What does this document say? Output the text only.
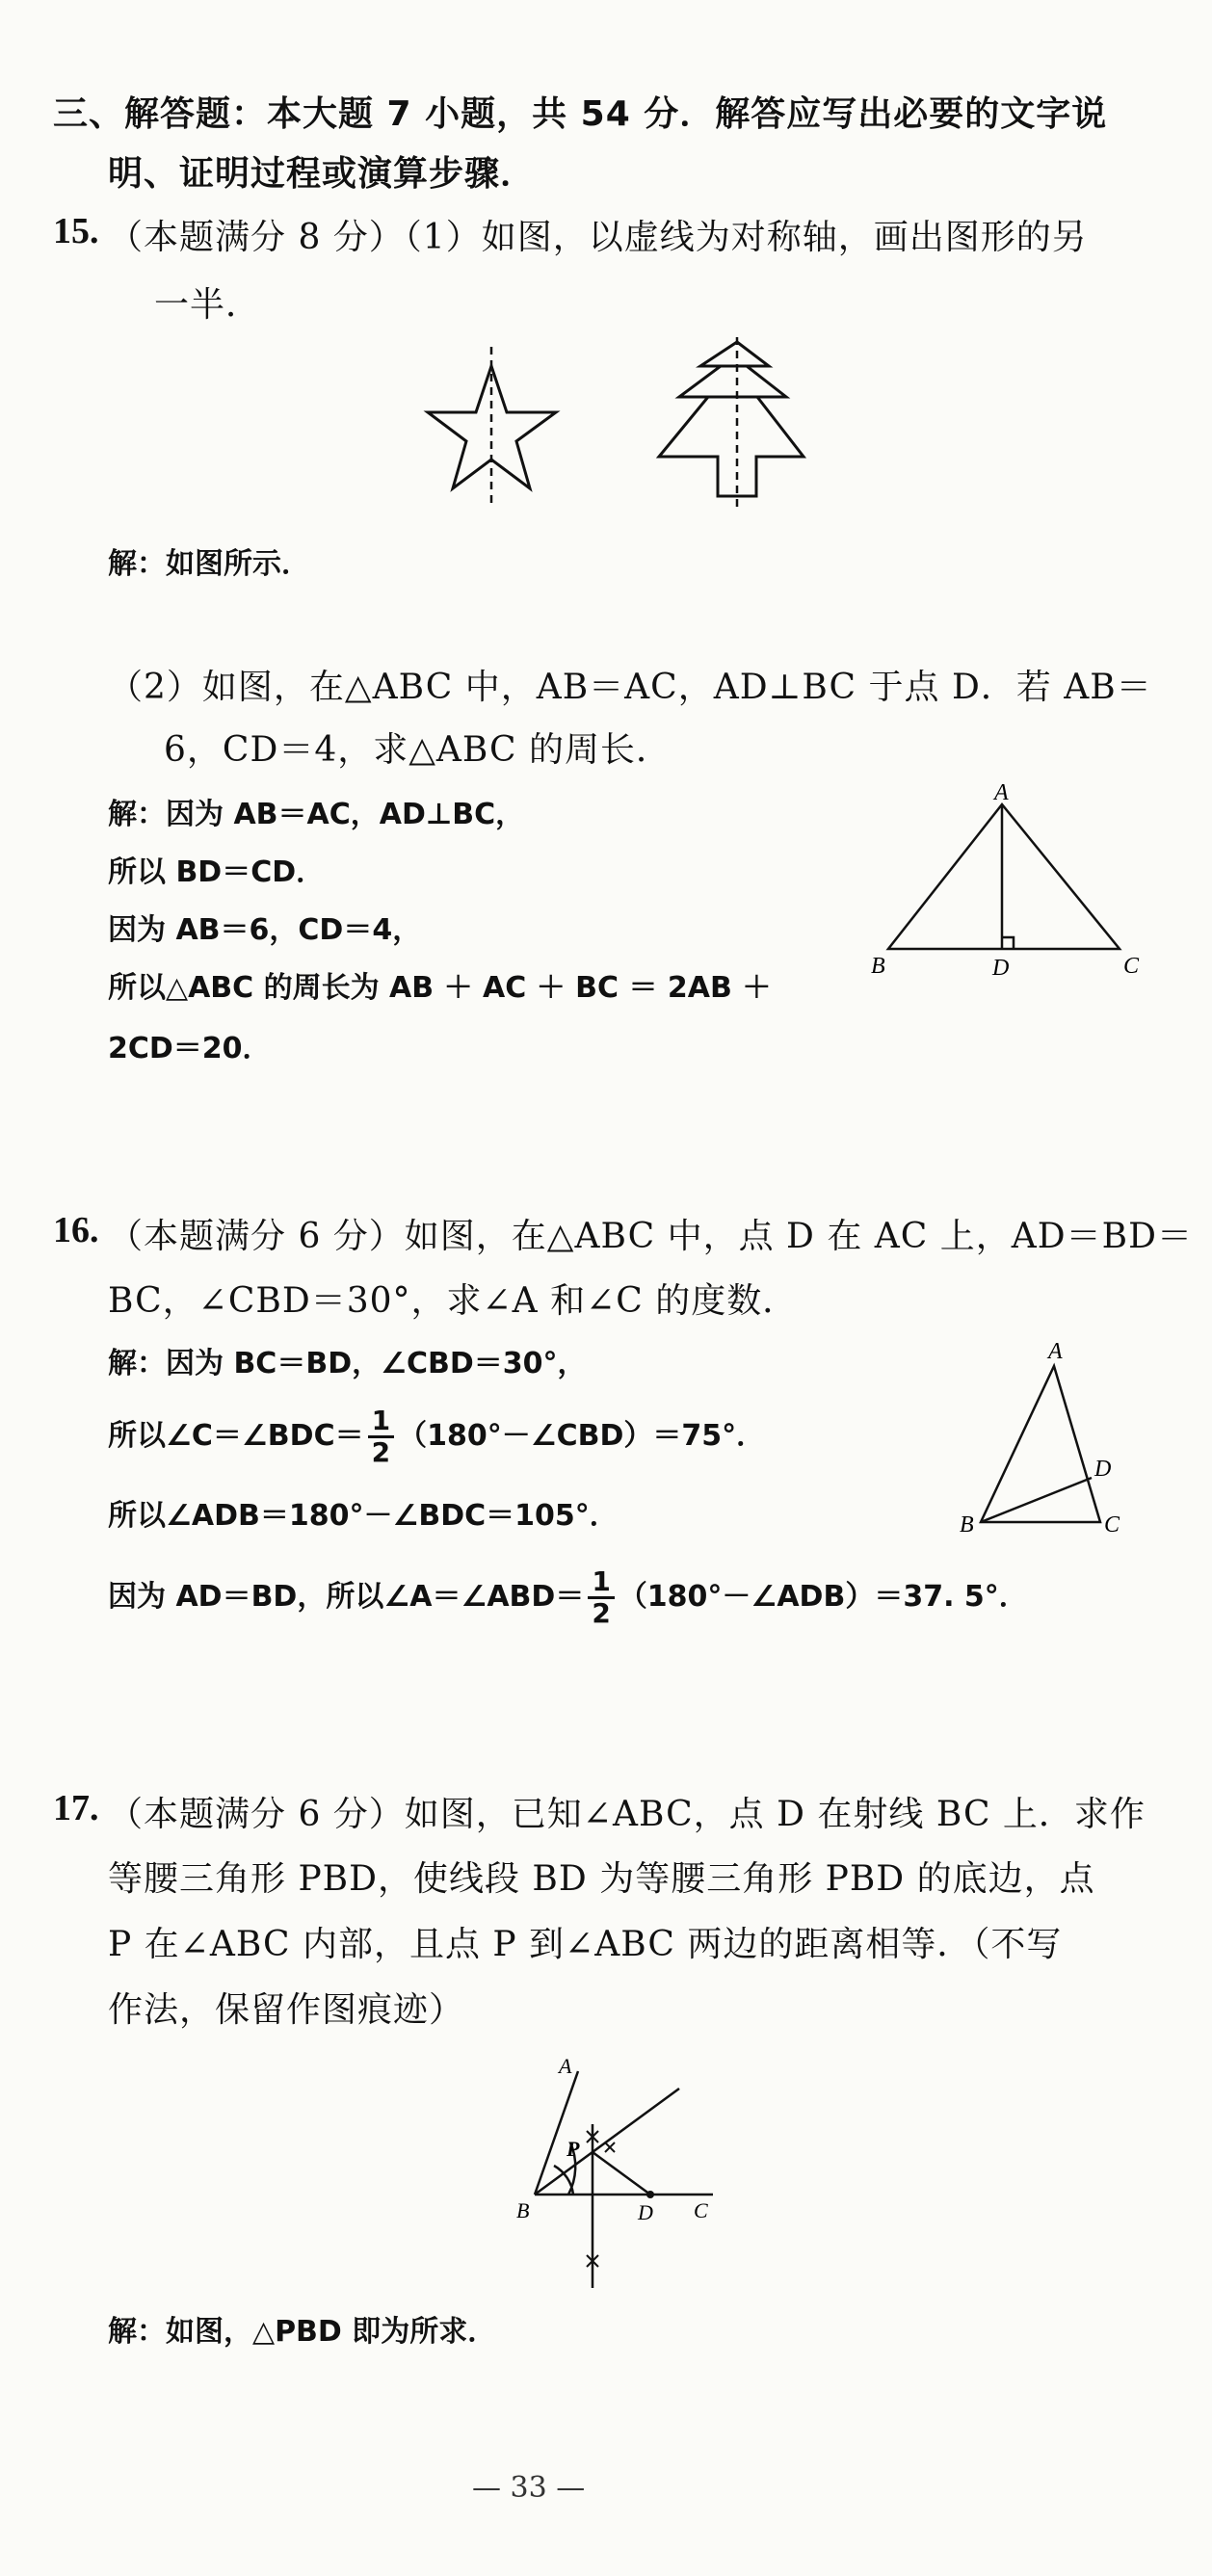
三、解答题：本大题 7 小题，共 54 分．解答应写出必要的文字说
明、证明过程或演算步骤．
15. （本题满分 8 分）（1）如图，以虚线为对称轴，画出图形的另
一半．
解：如图所示．
（2）如图，在△ABC 中，AB＝AC，AD⊥BC 于点 D．若 AB＝
6，CD＝4，求△ABC 的周长．
解：因为 AB＝AC，AD⊥BC，
所以 BD＝CD．
因为 AB＝6，CD＝4，
所以△ABC 的周长为 AB ＋ AC ＋ BC ＝ 2AB ＋
2CD＝20．
A
B	D	C
16. （本题满分 6 分）如图，在△ABC 中，点 D 在 AC 上，AD＝BD＝
BC，∠CBD＝30°，求∠A 和∠C 的度数．
解：因为 BC＝BD，∠CBD＝30°，
所以∠C＝∠BDC＝ $\frac{1}{2}$ （180°－∠CBD）＝75°．
所以∠ADB＝180°－∠BDC＝105°．
因为 AD＝BD，所以∠A＝∠ABD＝ $\frac{1}{2}$ （180°－∠ADB）＝37. 5°．
A
D
B	C
17. （本题满分 6 分）如图，已知∠ABC，点 D 在射线 BC 上．求作
等腰三角形 PBD，使线段 BD 为等腰三角形 PBD 的底边，点
P 在∠ABC 内部，且点 P 到∠ABC 两边的距离相等．（不写
作法，保留作图痕迹）
A
P
B	D C
解：如图，△PBD 即为所求．
— 33 —
